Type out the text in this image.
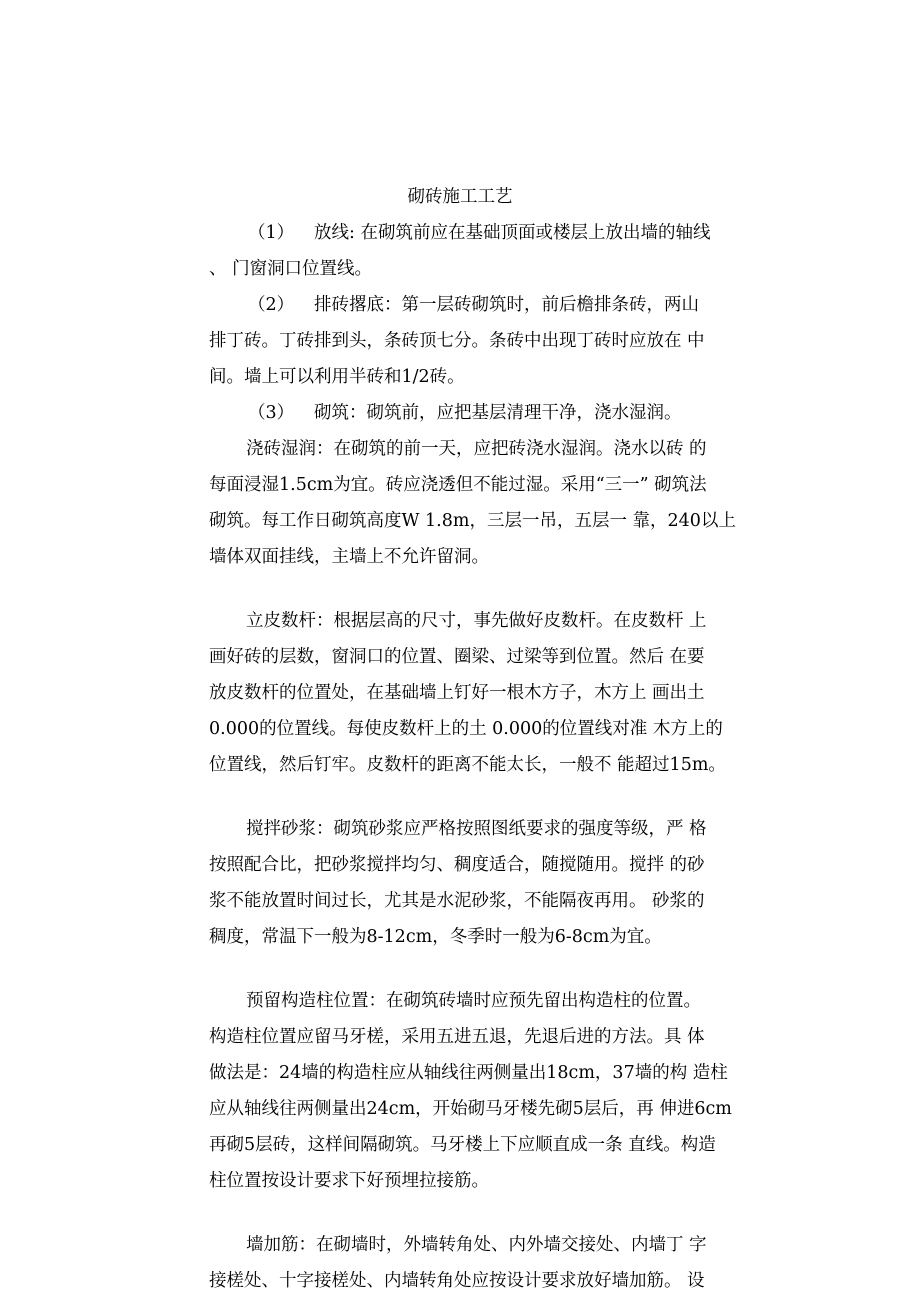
砌砖施工工艺
（1） 放线: 在砌筑前应在基础顶面或楼层上放出墙的轴线
、 门窗洞口位置线。
（2） 排砖撂底：第一层砖砌筑时，前后檐排条砖，两山
排丁砖。丁砖排到头，条砖顶七分。条砖中出现丁砖时应放在 中
间。墙上可以利用半砖和1/2砖。
（3） 砌筑：砌筑前，应把基层清理干净，浇水湿润。
浇砖湿润：在砌筑的前一天，应把砖浇水湿润。浇水以砖 的
每面浸湿1.5cm为宜。砖应浇透但不能过湿。采用“三一” 砌筑法
砌筑。每工作日砌筑高度W 1.8m，三层一吊，五层一 靠，240以上
墙体双面挂线，主墙上不允许留洞。
立皮数杆：根据层高的尺寸，事先做好皮数杆。在皮数杆 上
画好砖的层数，窗洞口的位置、圈梁、过梁等到位置。然后 在要
放皮数杆的位置处，在基础墙上钉好一根木方子，木方上 画出土
0.000的位置线。每使皮数杆上的土 0.000的位置线对准 木方上的
位置线，然后钉牢。皮数杆的距离不能太长，一般不 能超过15m。
搅拌砂浆：砌筑砂浆应严格按照图纸要求的强度等级，严 格
按照配合比，把砂浆搅拌均匀、稠度适合，随搅随用。搅拌 的砂
浆不能放置时间过长，尤其是水泥砂浆，不能隔夜再用。 砂浆的
稠度，常温下一般为8-12cm，冬季时一般为6-8cm为宜。
预留构造柱位置：在砌筑砖墙时应预先留出构造柱的位置。
构造柱位置应留马牙槎，采用五进五退，先退后进的方法。具 体
做法是：24墙的构造柱应从轴线往两侧量出18cm，37墙的构 造柱
应从轴线往两侧量出24cm，开始砌马牙楼先砌5层后，再 伸进6cm
再砌5层砖，这样间隔砌筑。马牙楼上下应顺直成一条 直线。构造
柱位置按设计要求下好预埋拉接筋。
墙加筋：在砌墙时，外墙转角处、内外墙交接处、内墙丁 字
接槎处、十字接槎处、内墙转角处应按设计要求放好墙加筋。 设
